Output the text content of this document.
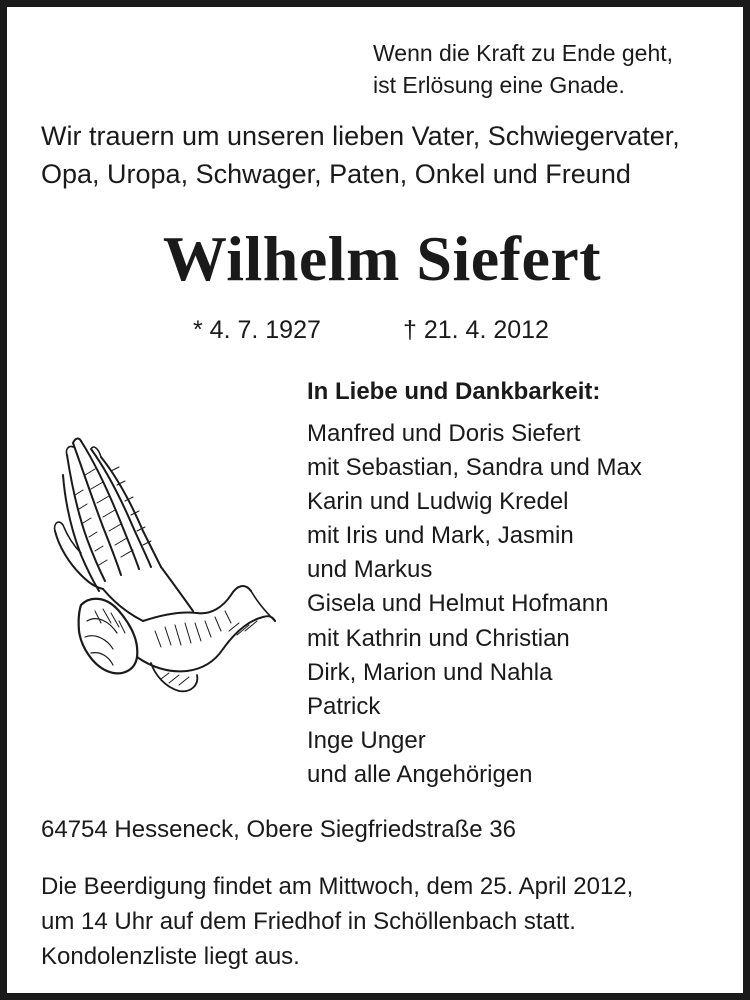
Wenn die Kraft zu Ende geht,
ist Erlösung eine Gnade.
Wir trauern um unseren lieben Vater, Schwiegervater,
Opa, Uropa, Schwager, Paten, Onkel und Freund
Wilhelm Siefert
* 4. 7. 1927	† 21. 4. 2012
In Liebe und Dankbarkeit:
Manfred und Doris Siefert
mit Sebastian, Sandra und Max
Karin und Ludwig Kredel
mit Iris und Mark, Jasmin
und Markus
Gisela und Helmut Hofmann
mit Kathrin und Christian
Dirk, Marion und Nahla
Patrick
Inge Unger
und alle Angehörigen
64754 Hesseneck, Obere Siegfriedstraße 36
Die Beerdigung findet am Mittwoch, dem 25. April 2012,
um 14 Uhr auf dem Friedhof in Schöllenbach statt.
Kondolenzliste liegt aus.
